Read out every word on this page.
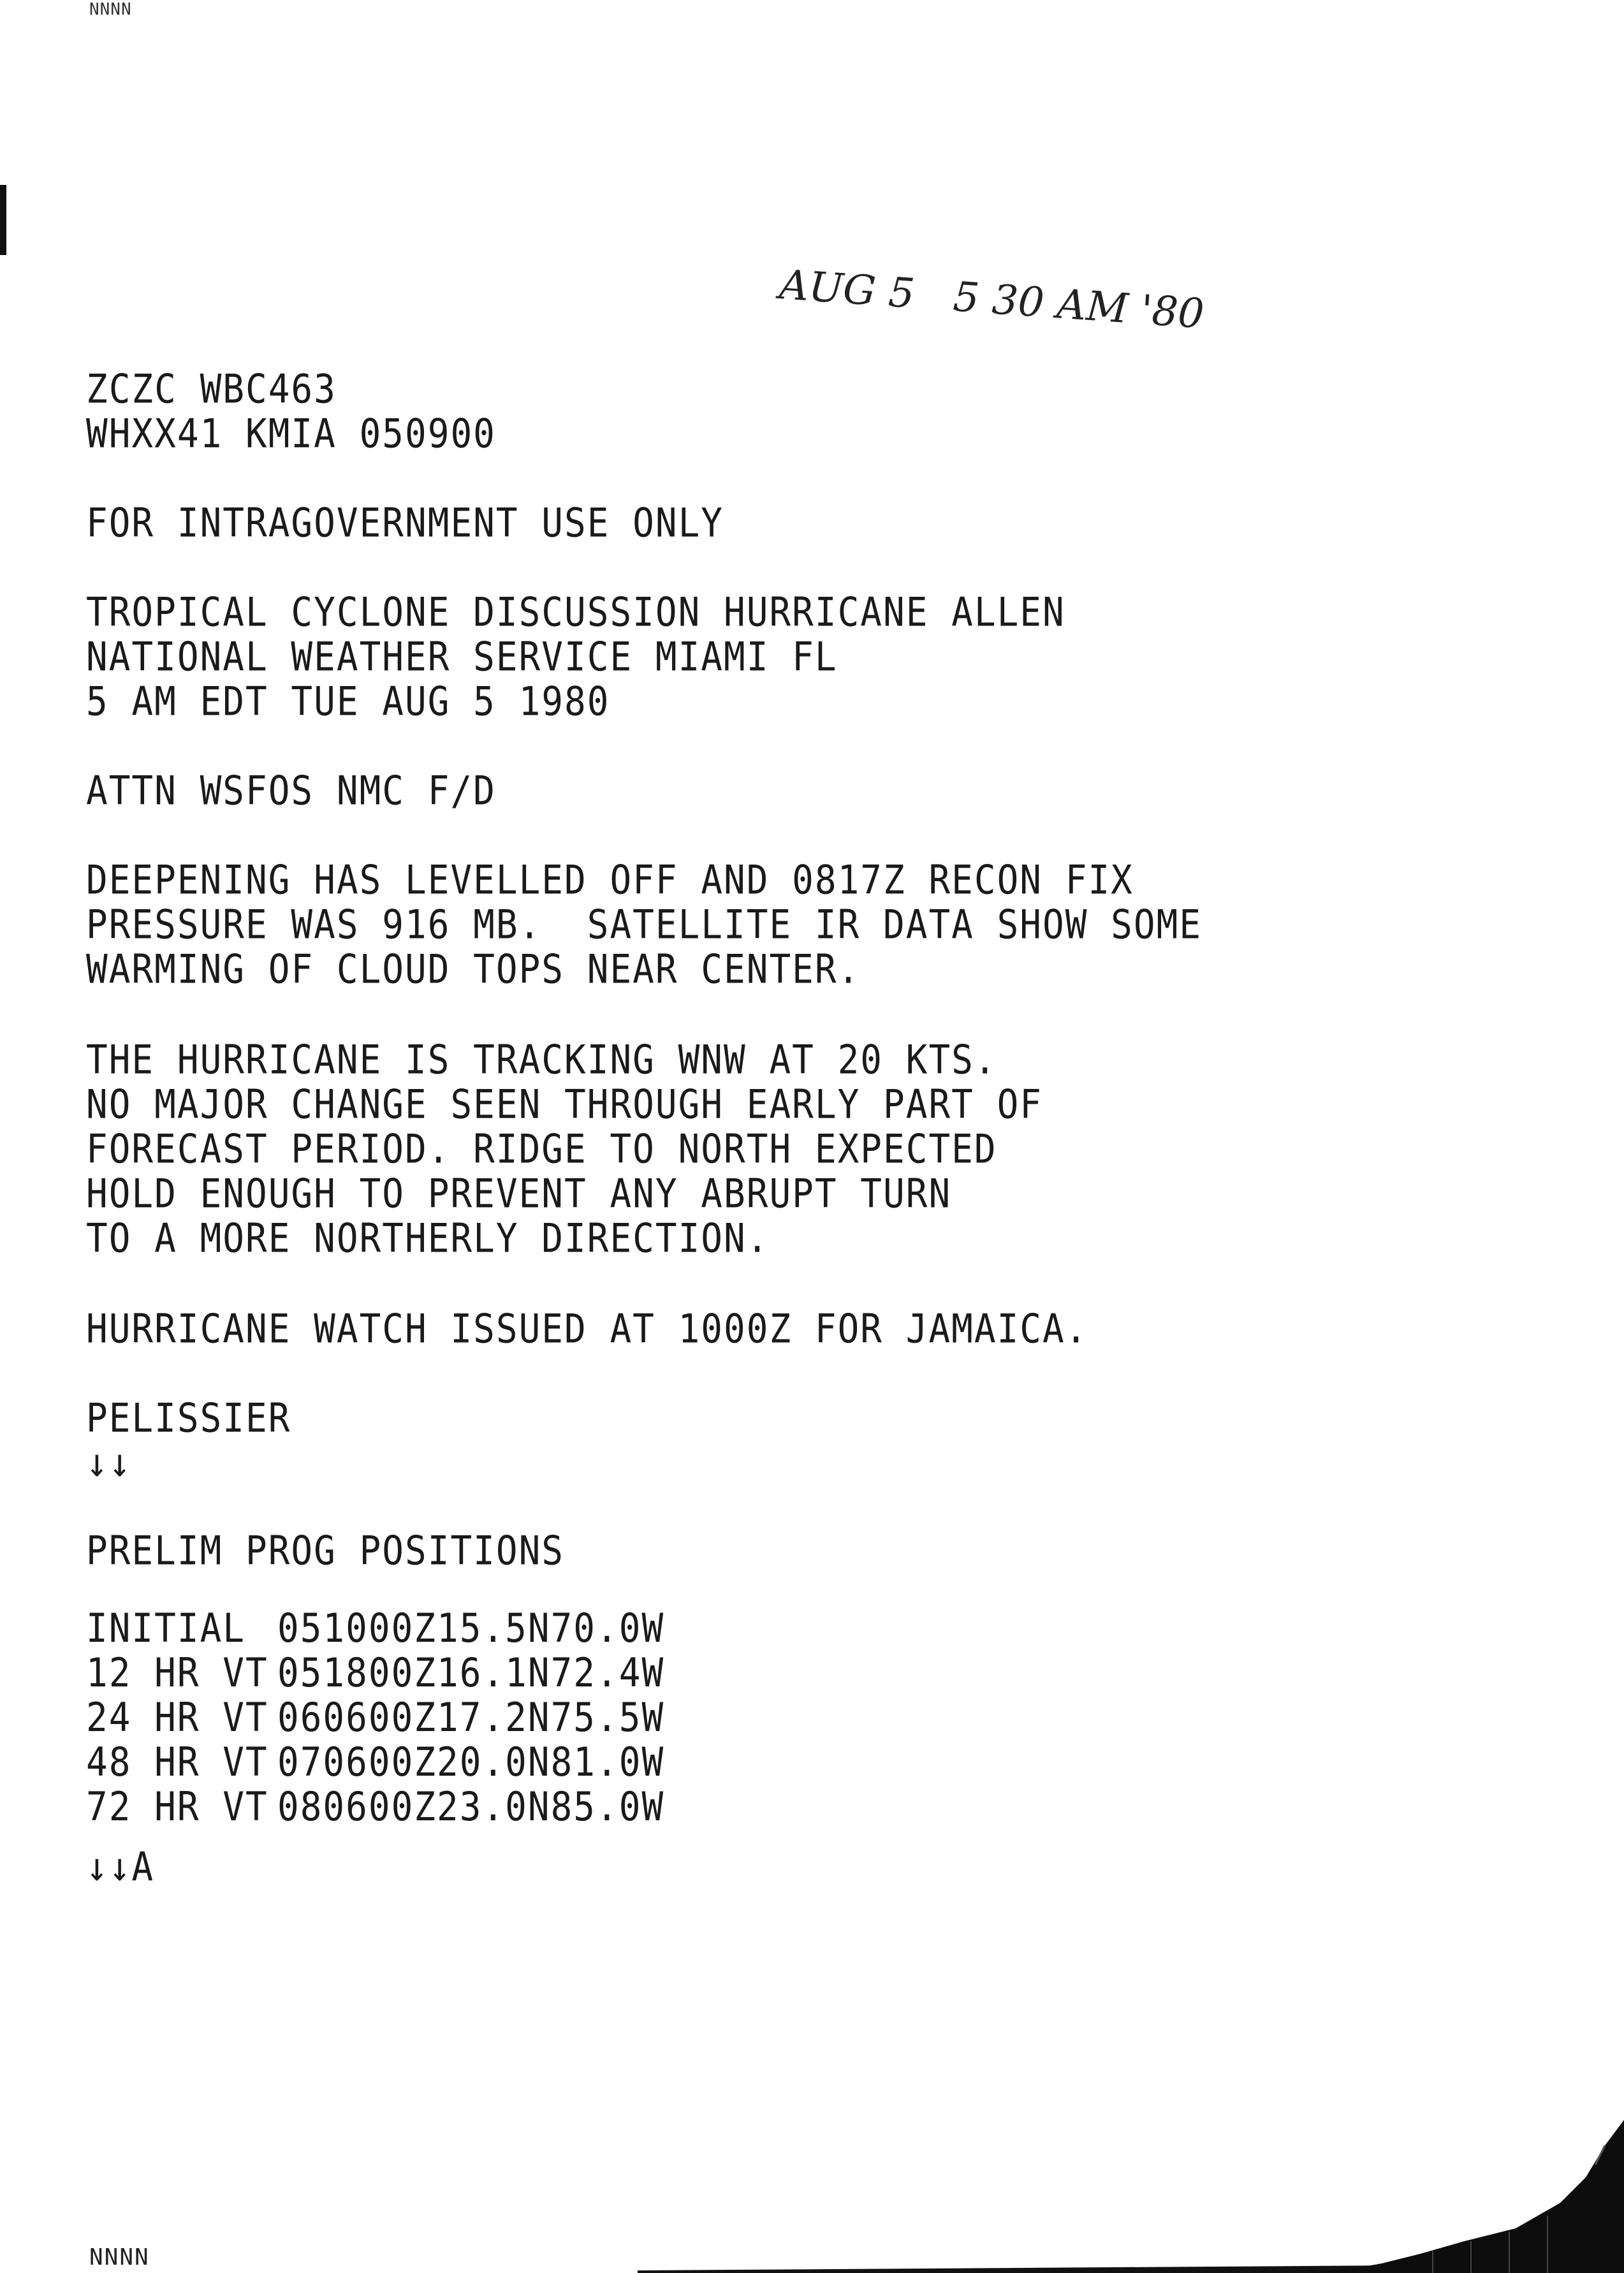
NNNN
AUG 5   5 30 AM '80
ZCZC WBC463
WHXX41 KMIA 050900
FOR INTRAGOVERNMENT USE ONLY
TROPICAL CYCLONE DISCUSSION HURRICANE ALLEN
NATIONAL WEATHER SERVICE MIAMI FL
5 AM EDT TUE AUG 5 1980
ATTN WSFOS NMC F/D
DEEPENING HAS LEVELLED OFF AND 0817Z RECON FIX
PRESSURE WAS 916 MB.  SATELLITE IR DATA SHOW SOME
WARMING OF CLOUD TOPS NEAR CENTER.
THE HURRICANE IS TRACKING WNW AT 20 KTS.
NO MAJOR CHANGE SEEN THROUGH EARLY PART OF
FORECAST PERIOD. RIDGE TO NORTH EXPECTED
HOLD ENOUGH TO PREVENT ANY ABRUPT TURN
TO A MORE NORTHERLY DIRECTION.
HURRICANE WATCH ISSUED AT 1000Z FOR JAMAICA.
PELISSIER
↓↓
PRELIM PROG POSITIONS
INITIAL	051000Z	15.5N	70.0W
12 HR VT	051800Z	16.1N	72.4W
24 HR VT	060600Z	17.2N	75.5W
48 HR VT	070600Z	20.0N	81.0W
72 HR VT	080600Z	23.0N	85.0W
↓↓A
NNNN
